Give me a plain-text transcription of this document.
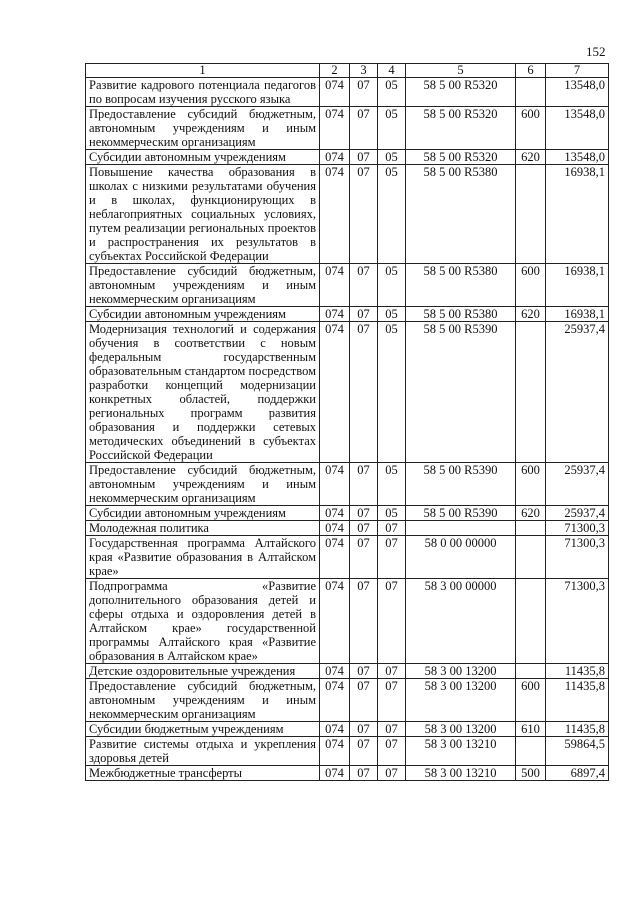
152
1	2	3	4	5	6	7
Развитие кадрового потенциала педагогов по вопросам изучения русского языка	074	07	05	58 5 00 R5320		13548,0
Предоставление субсидий бюджетным, автономным учреждениям и иным некоммерческим организациям	074	07	05	58 5 00 R5320	600	13548,0
Субсидии автономным учреждениям	074	07	05	58 5 00 R5320	620	13548,0
Повышение качества образования в школах с низкими результатами обучения и в школах, функционирующих в неблагоприятных социальных условиях, путем реализации региональных проектов и распространения их результатов в субъектах Российской Федерации	074	07	05	58 5 00 R5380		16938,1
Предоставление субсидий бюджетным, автономным учреждениям и иным некоммерческим организациям	074	07	05	58 5 00 R5380	600	16938,1
Субсидии автономным учреждениям	074	07	05	58 5 00 R5380	620	16938,1
Модернизация технологий и содержания обучения в соответствии с новым федеральным государственным образовательным стандартом посредством разработки концепций модернизации конкретных областей, поддержки региональных программ развития образования и поддержки сетевых методических объединений в субъектах Российской Федерации	074	07	05	58 5 00 R5390		25937,4
Предоставление субсидий бюджетным, автономным учреждениям и иным некоммерческим организациям	074	07	05	58 5 00 R5390	600	25937,4
Субсидии автономным учреждениям	074	07	05	58 5 00 R5390	620	25937,4
Молодежная политика	074	07	07			71300,3
Государственная программа Алтайского края «Развитие образования в Алтайском крае»	074	07	07	58 0 00 00000		71300,3
Подпрограмма «Развитие дополнительного образования детей и сферы отдыха и оздоровления детей в Алтайском крае» государственной программы Алтайского края «Развитие образования в Алтайском крае»	074	07	07	58 3 00 00000		71300,3
Детские оздоровительные учреждения	074	07	07	58 3 00 13200		11435,8
Предоставление субсидий бюджетным, автономным учреждениям и иным некоммерческим организациям	074	07	07	58 3 00 13200	600	11435,8
Субсидии бюджетным учреждениям	074	07	07	58 3 00 13200	610	11435,8
Развитие системы отдыха и укрепления здоровья детей	074	07	07	58 3 00 13210		59864,5
Межбюджетные трансферты	074	07	07	58 3 00 13210	500	6897,4
